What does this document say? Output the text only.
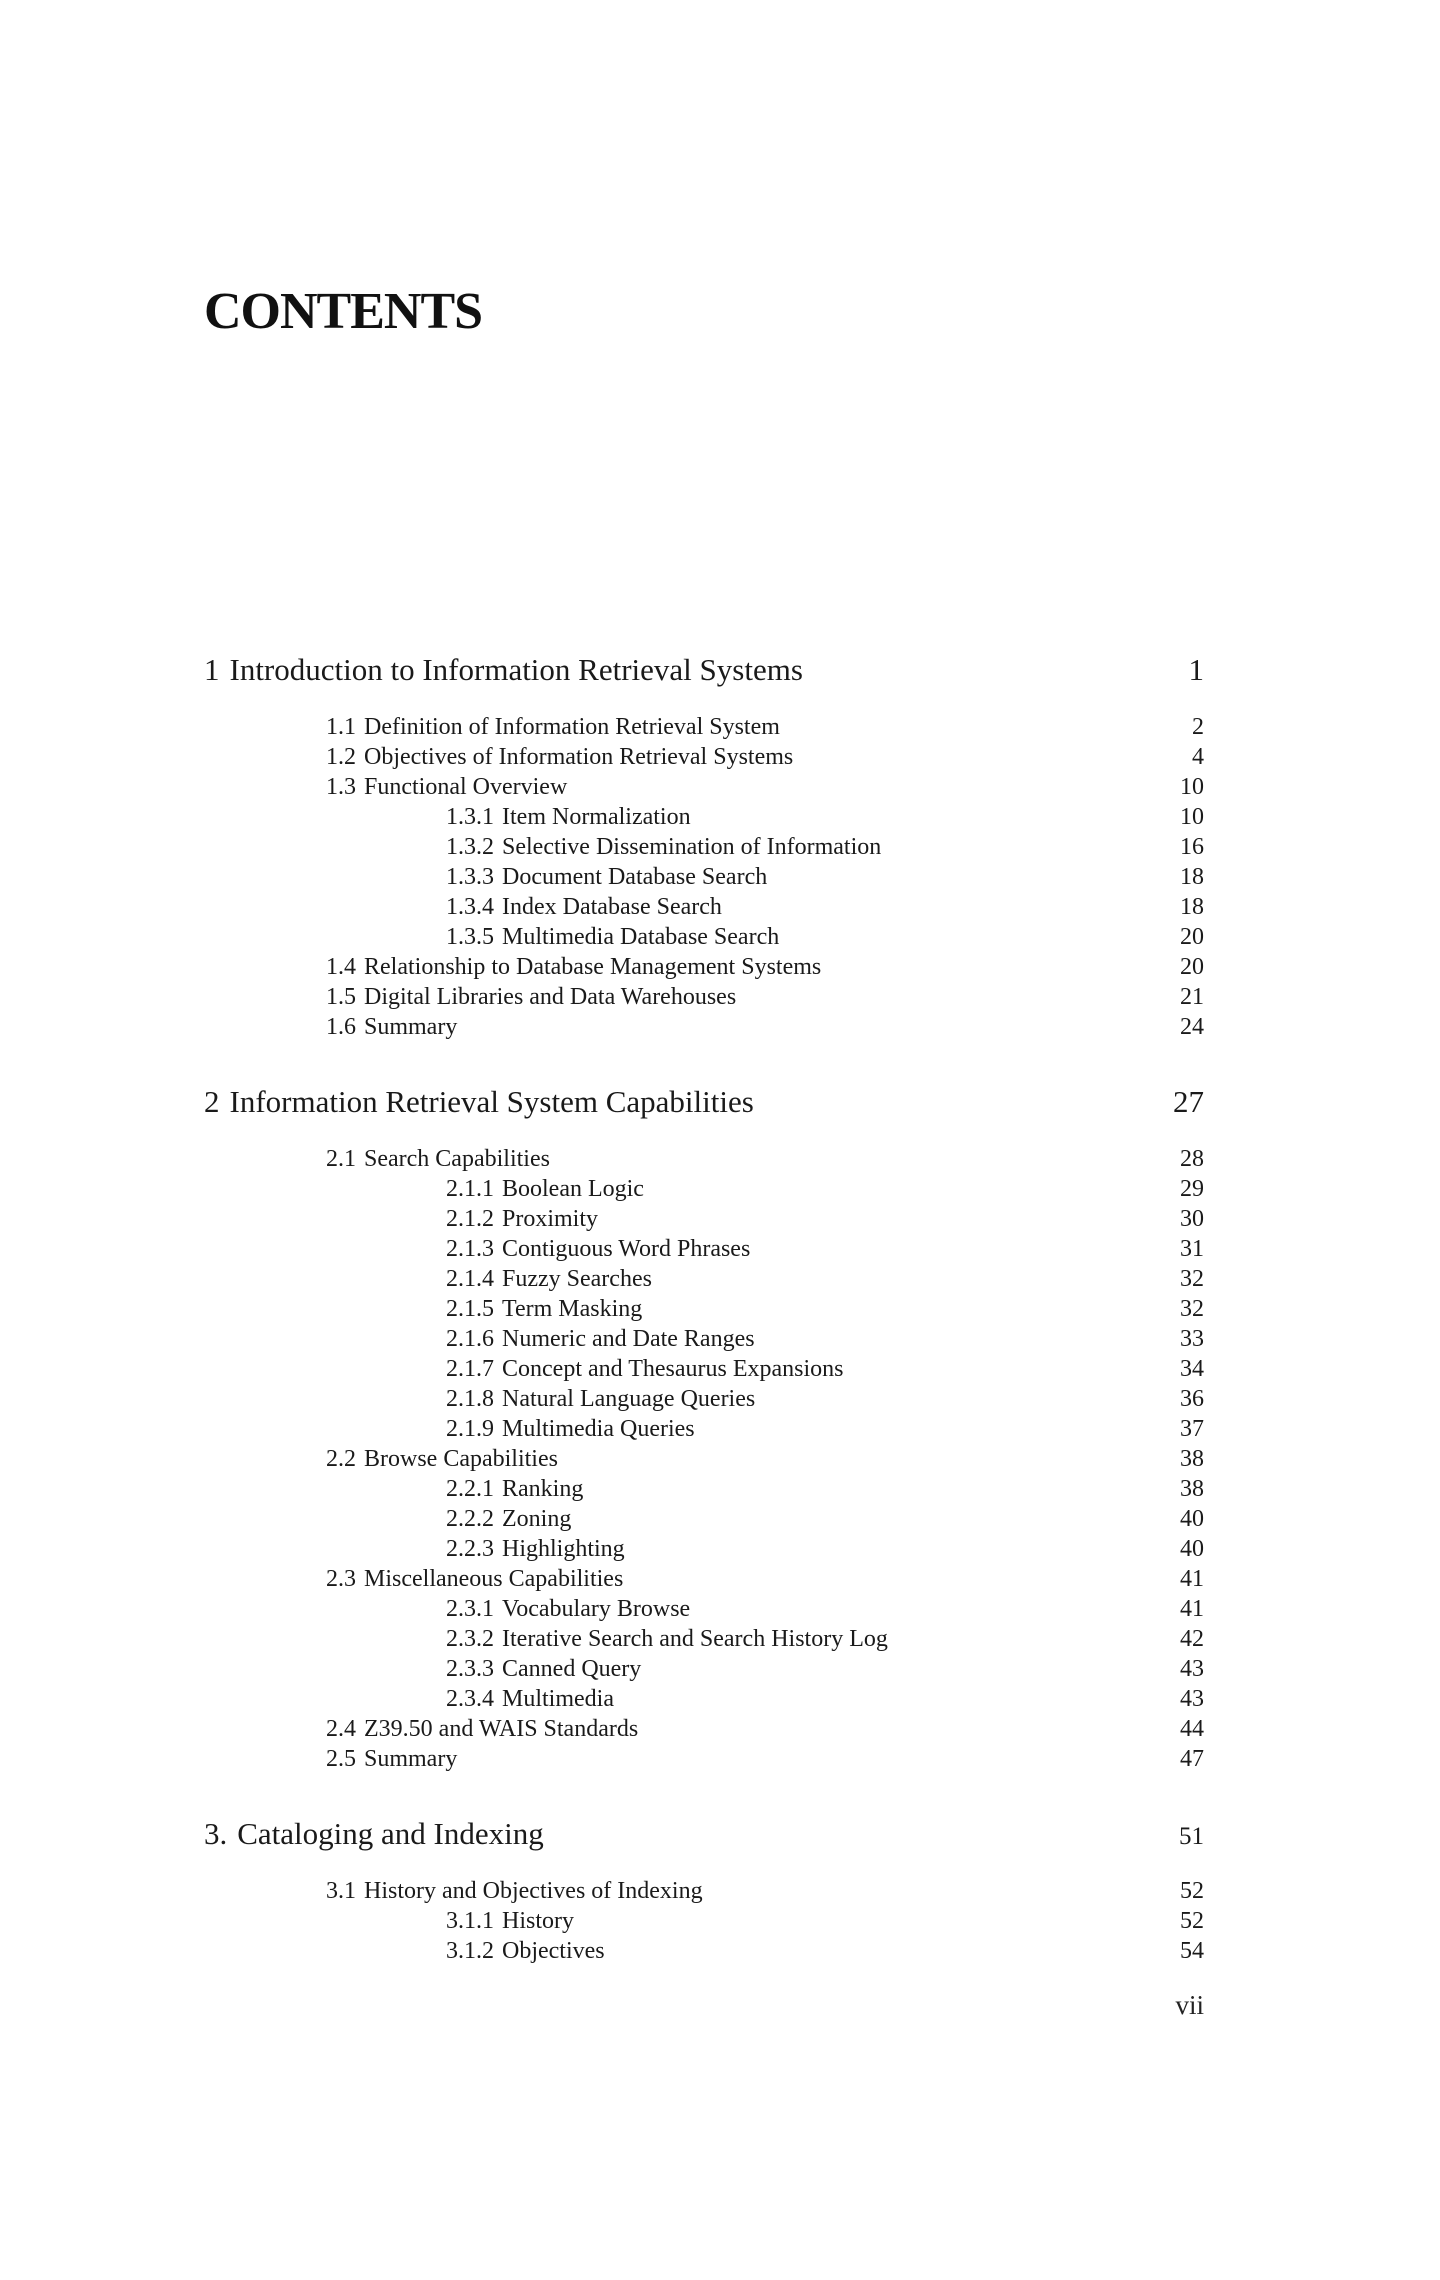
CONTENTS
1 Introduction to Information Retrieval Systems	1
1.1 Definition of Information Retrieval System	2
1.2 Objectives of Information Retrieval Systems	4
1.3 Functional Overview	10
1.3.1 Item Normalization	10
1.3.2 Selective Dissemination of Information	16
1.3.3 Document Database Search	18
1.3.4 Index Database Search	18
1.3.5 Multimedia Database Search	20
1.4 Relationship to Database Management Systems	20
1.5 Digital Libraries and Data Warehouses	21
1.6 Summary	24
2 Information Retrieval System Capabilities	27
2.1 Search Capabilities	28
2.1.1 Boolean Logic	29
2.1.2 Proximity	30
2.1.3 Contiguous Word Phrases	31
2.1.4 Fuzzy Searches	32
2.1.5 Term Masking	32
2.1.6 Numeric and Date Ranges	33
2.1.7 Concept and Thesaurus Expansions	34
2.1.8 Natural Language Queries	36
2.1.9 Multimedia Queries	37
2.2 Browse Capabilities	38
2.2.1 Ranking	38
2.2.2 Zoning	40
2.2.3 Highlighting	40
2.3 Miscellaneous Capabilities	41
2.3.1 Vocabulary Browse	41
2.3.2 Iterative Search and Search History Log	42
2.3.3 Canned Query	43
2.3.4 Multimedia	43
2.4 Z39.50 and WAIS Standards	44
2.5 Summary	47
3. Cataloging and Indexing	51
3.1 History and Objectives of Indexing	52
3.1.1 History	52
3.1.2 Objectives	54
vii
